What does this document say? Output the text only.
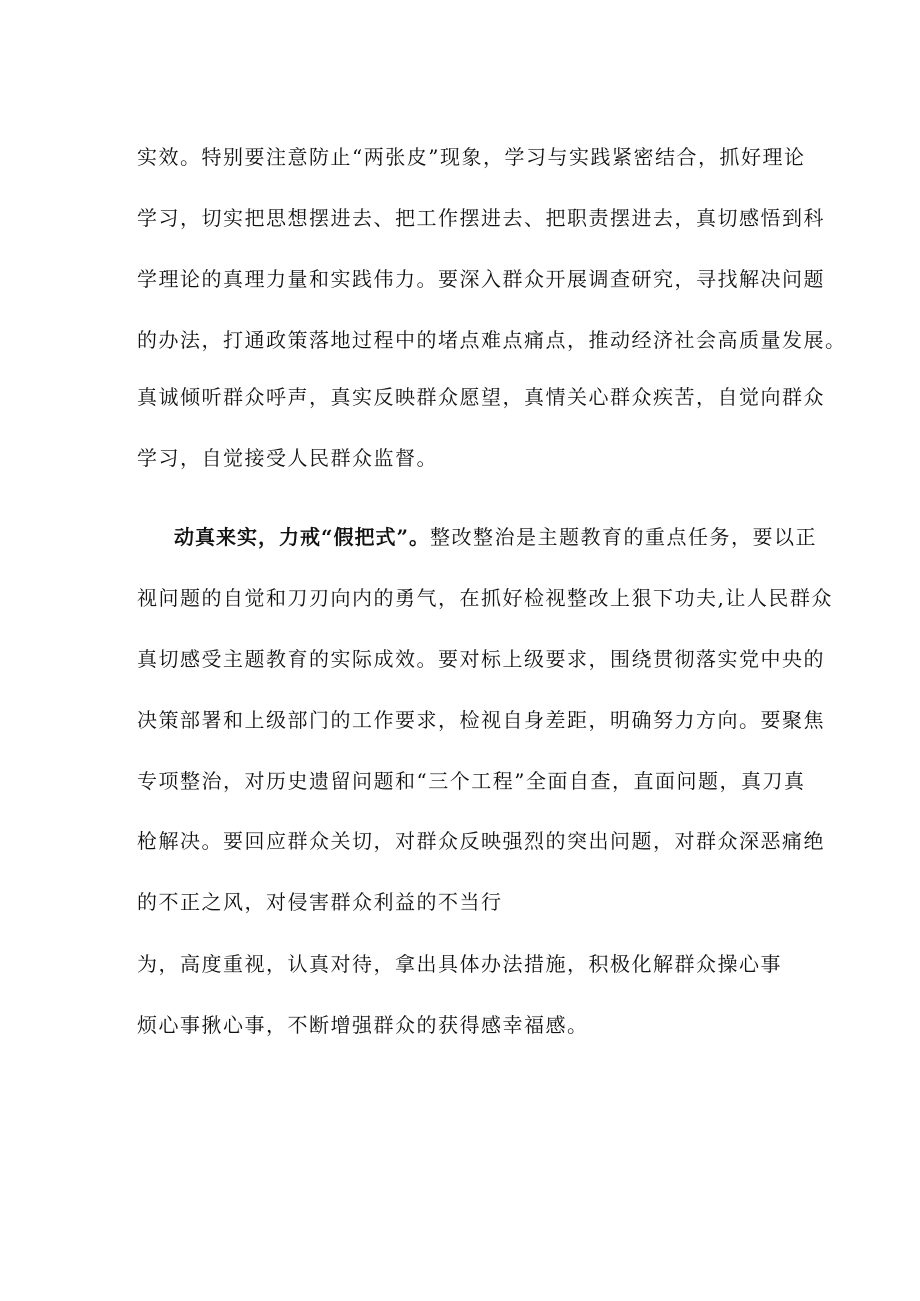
实效。特别要注意防止“两张皮”现象，学习与实践紧密结合，抓好理论
学习，切实把思想摆进去、把工作摆进去、把职责摆进去，真切感悟到科
学理论的真理力量和实践伟力。要深入群众开展调查研究，寻找解决问题
的办法，打通政策落地过程中的堵点难点痛点，推动经济社会高质量发展。
真诚倾听群众呼声，真实反映群众愿望，真情关心群众疾苦，自觉向群众
学习，自觉接受人民群众监督。
动真来实，力戒“假把式”。整改整治是主题教育的重点任务，要以正
视问题的自觉和刀刃向内的勇气，在抓好检视整改上狠下功夫,让人民群众
真切感受主题教育的实际成效。要对标上级要求，围绕贯彻落实党中央的
决策部署和上级部门的工作要求，检视自身差距，明确努力方向。要聚焦
专项整治，对历史遗留问题和“三个工程”全面自查，直面问题，真刀真
枪解决。要回应群众关切，对群众反映强烈的突出问题，对群众深恶痛绝
的不正之风，对侵害群众利益的不当行
为，高度重视，认真对待，拿出具体办法措施，积极化解群众操心事
烦心事揪心事，不断增强群众的获得感幸福感。
